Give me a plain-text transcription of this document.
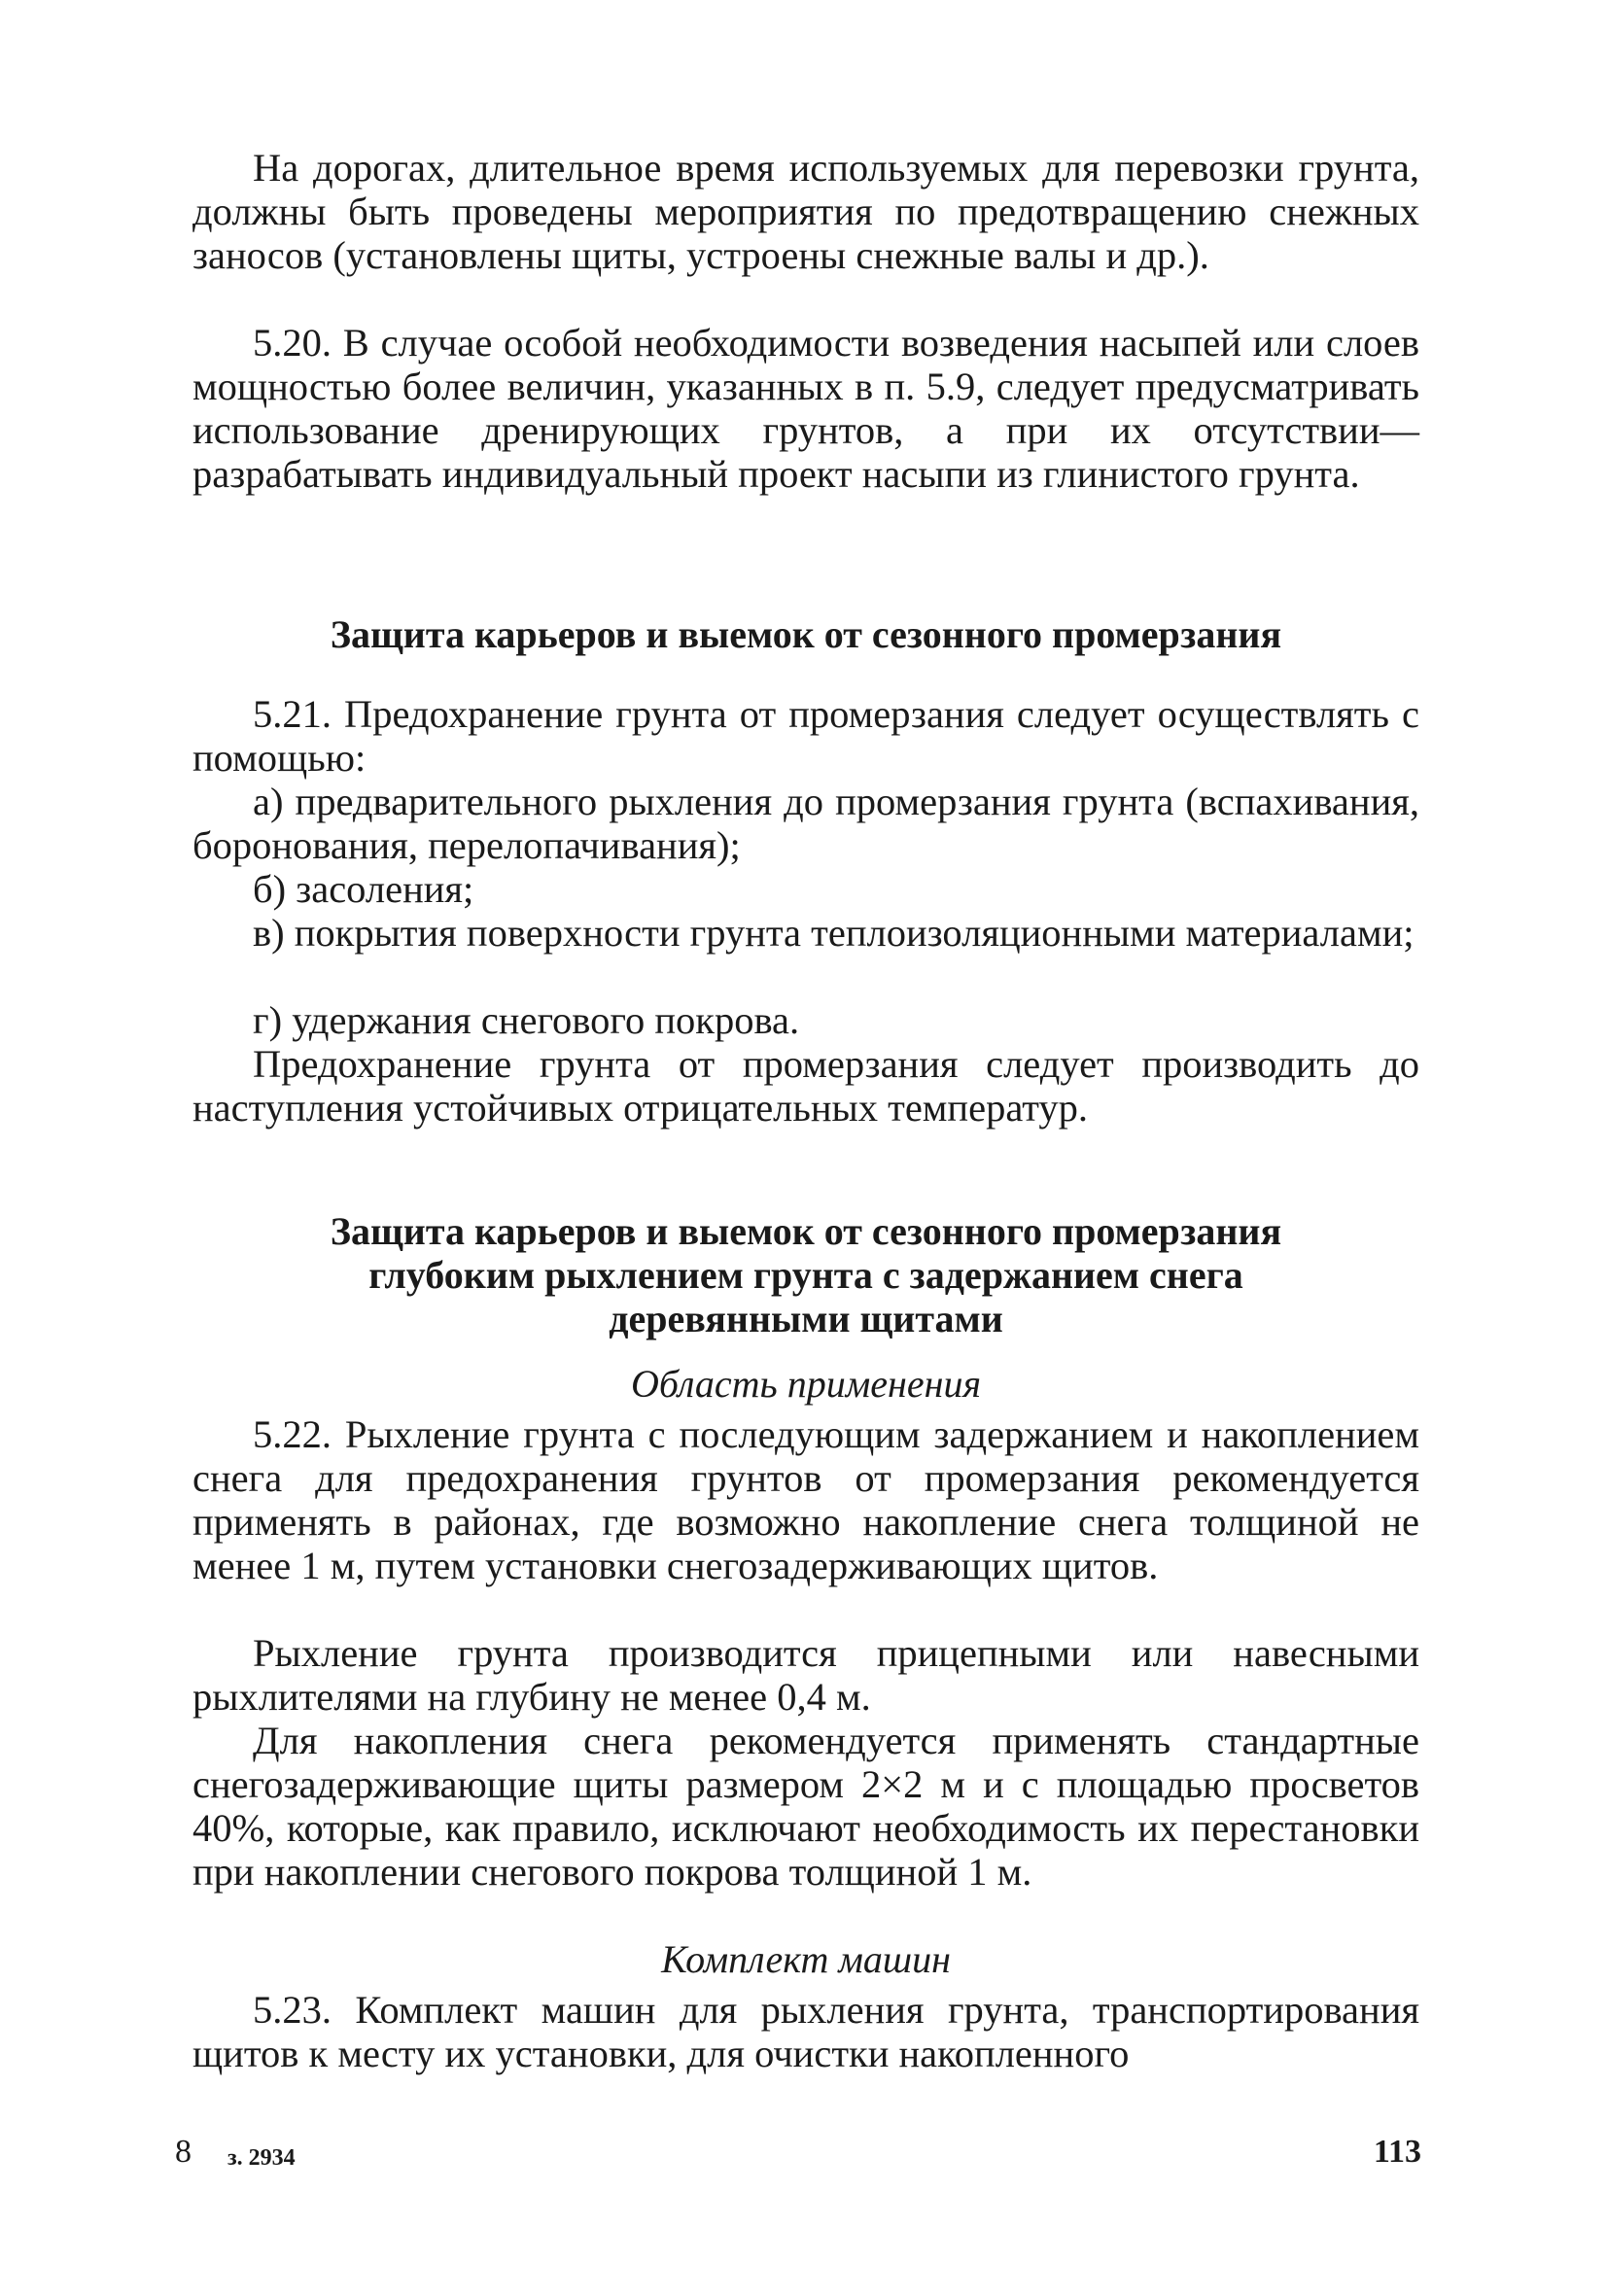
На дорогах, длительное время используемых для перевозки грунта, должны быть проведены мероприятия по предотвращению снежных заносов (установлены щиты, устроены снежные валы и др.).

5.20. В случае особой необходимости возведения насыпей или слоев мощностью более величин, указанных в п. 5.9, следует предусматривать использование дренирующих грунтов, а при их отсутствии—разрабатывать индивидуальный проект насыпи из глинистого грунта.

Защита карьеров и выемок от сезонного промерзания

5.21. Предохранение грунта от промерзания следует осуществлять с помощью:

а) предварительного рыхления до промерзания грунта (вспахивания, боронования, перелопачивания);

б) засоления;

в) покрытия поверхности грунта теплоизоляционными материалами;

г) удержания снегового покрова.

Предохранение грунта от промерзания следует производить до наступления устойчивых отрицательных температур.

Защита карьеров и выемок от сезонного промерзания

глубоким рыхлением грунта с задержанием снега

деревянными щитами

Область применения

5.22. Рыхление грунта с последующим задержанием и накоплением снега для предохранения грунтов от промерзания рекомендуется применять в районах, где возможно накопление снега толщиной не менее 1 м, путем установки снегозадерживающих щитов.

Рыхление грунта производится прицепными или навесными рыхлителями на глубину не менее 0,4 м.

Для накопления снега рекомендуется применять стандартные снегозадерживающие щиты размером 2×2 м и с площадью просветов 40%, которые, как правило, исключают необходимость их перестановки при накоплении снегового покрова толщиной 1 м.

Комплект машин

5.23. Комплект машин для рыхления грунта, транспортирования щитов к месту их установки, для очистки накопленного

8 з. 2934	113
